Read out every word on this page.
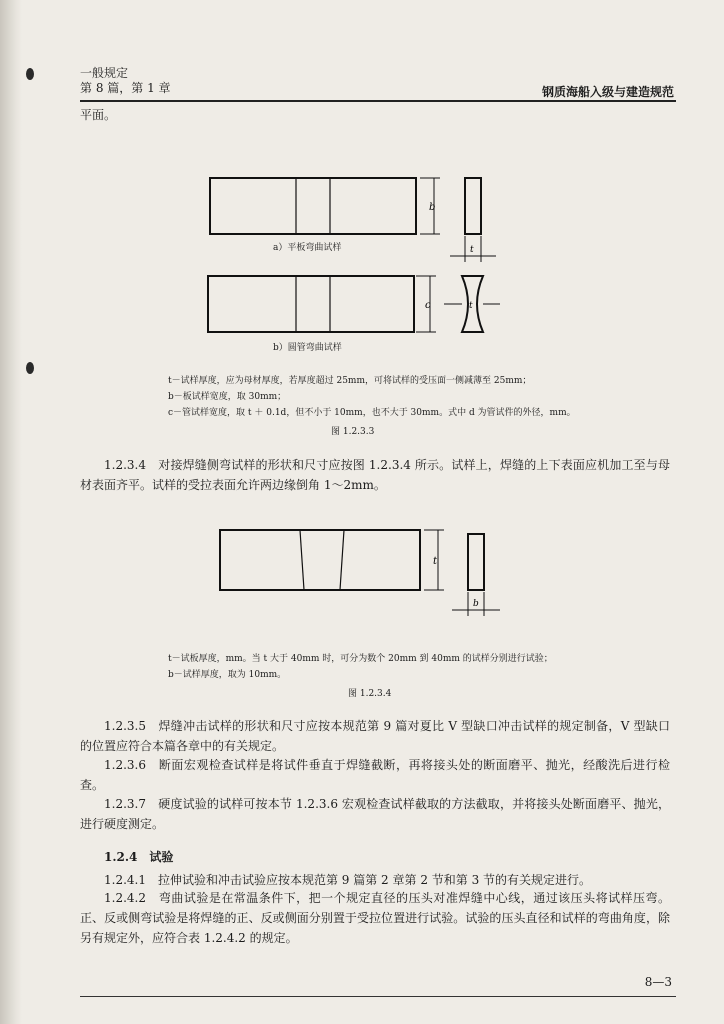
一般规定
第 8 篇，第 1 章	钢质海船入级与建造规范
平面。
b
t
a）平板弯曲试样
c	t
b）圆管弯曲试样
t－试样厚度，应为母材厚度，若厚度超过 25mm，可将试样的受压面一侧减薄至 25mm；
b－板试样宽度，取 30mm；
c－管试样宽度，取 t ＋ 0.1d，但不小于 10mm，也不大于 30mm。式中 d 为管试件的外径，mm。
图 1.2.3.3
1.2.3.4　对接焊缝侧弯试样的形状和尺寸应按图 1.2.3.4 所示。试样上，焊缝的上下表面应机加工至与母材表面齐平。试样的受拉表面允许两边缘倒角 1～2mm。
t
b
t－试板厚度，mm。当 t 大于 40mm 时，可分为数个 20mm 到 40mm 的试样分别进行试验；
b－试样厚度，取为 10mm。
图 1.2.3.4
1.2.3.5　焊缝冲击试样的形状和尺寸应按本规范第 9 篇对夏比 V 型缺口冲击试样的规定制备，V 型缺口的位置应符合本篇各章中的有关规定。
1.2.3.6　断面宏观检查试样是将试件垂直于焊缝截断，再将接头处的断面磨平、抛光，经酸洗后进行检查。
1.2.3.7　硬度试验的试样可按本节 1.2.3.6 宏观检查试样截取的方法截取，并将接头处断面磨平、抛光，进行硬度测定。
1.2.4　试验
1.2.4.1　拉伸试验和冲击试验应按本规范第 9 篇第 2 章第 2 节和第 3 节的有关规定进行。
1.2.4.2　弯曲试验是在常温条件下，把一个规定直径的压头对准焊缝中心线，通过该压头将试样压弯。正、反或侧弯试验是将焊缝的正、反或侧面分别置于受拉位置进行试验。试验的压头直径和试样的弯曲角度，除另有规定外，应符合表 1.2.4.2 的规定。
8—3
